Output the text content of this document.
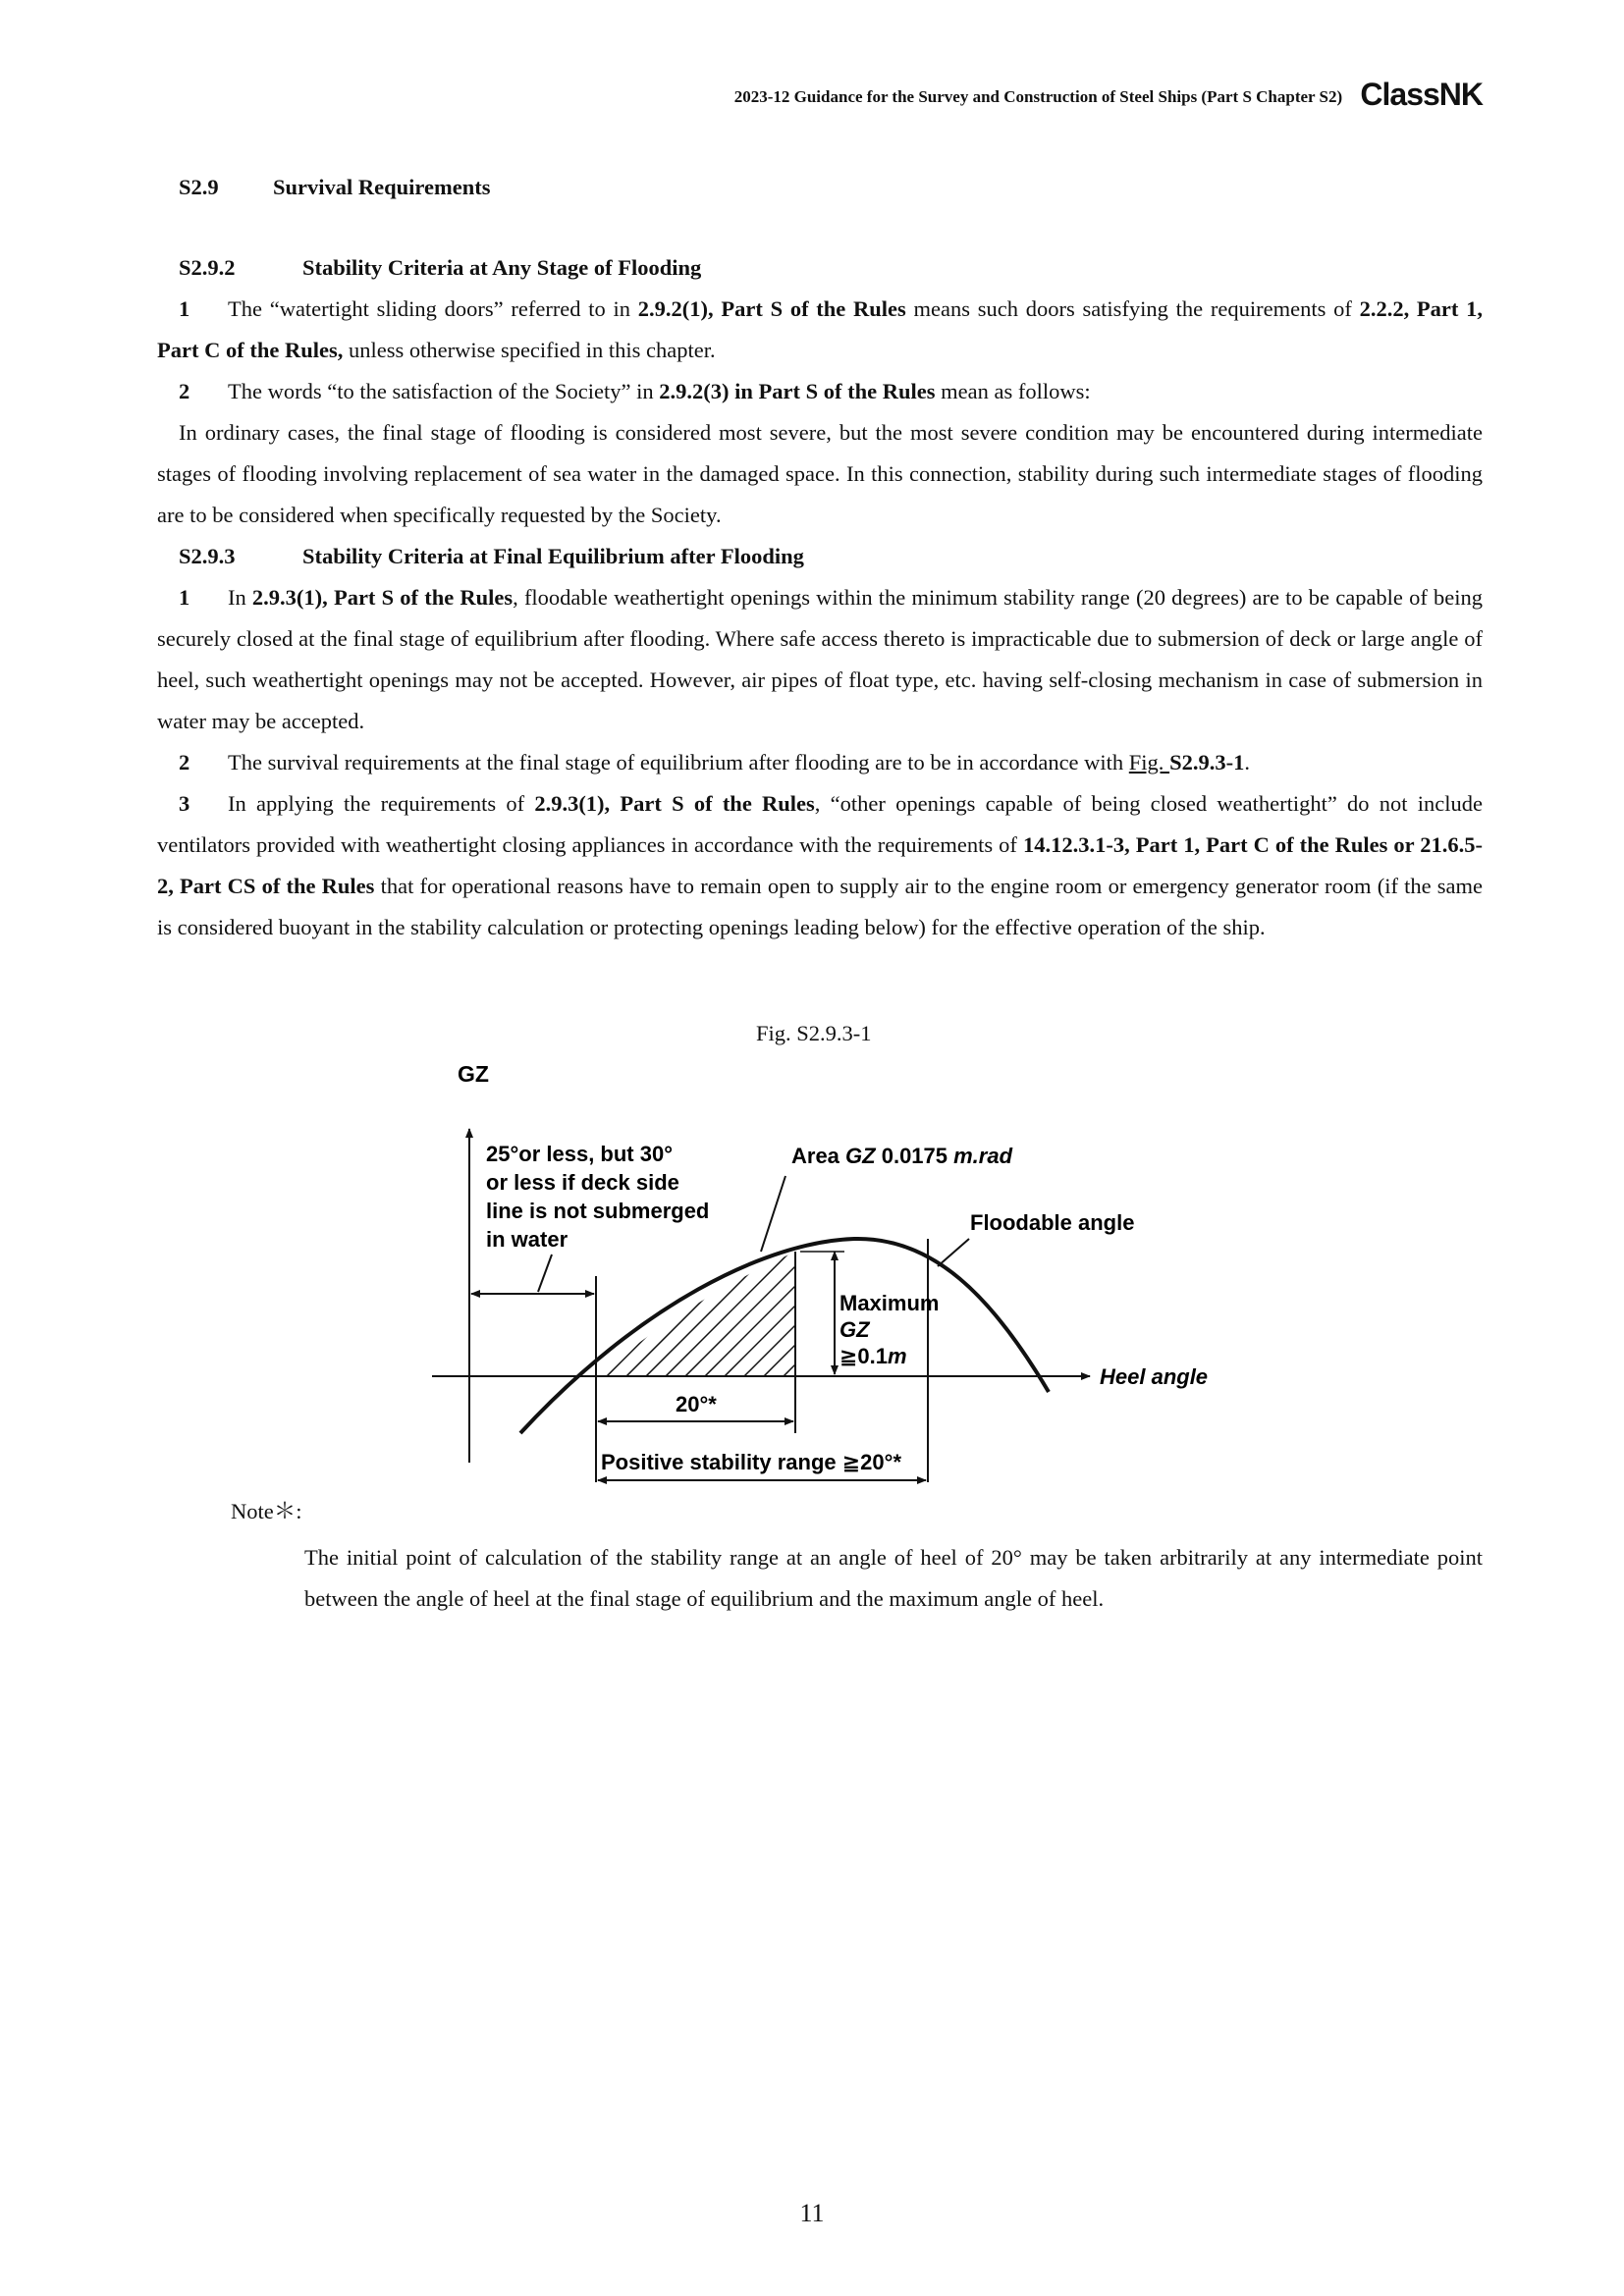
2023-12 Guidance for the Survey and Construction of Steel Ships (Part S Chapter S2) ClassNK
S2.9 Survival Requirements
S2.9.2	Stability Criteria at Any Stage of Flooding

1 The “watertight sliding doors” referred to in 2.9.2(1), Part S of the Rules means such doors satisfying the requirements of 2.2.2, Part 1, Part C of the Rules, unless otherwise specified in this chapter.

2 The words “to the satisfaction of the Society” in 2.9.2(3) in Part S of the Rules mean as follows:

In ordinary cases, the final stage of flooding is considered most severe, but the most severe condition may be encountered during intermediate stages of flooding involving replacement of sea water in the damaged space. In this connection, stability during such intermediate stages of flooding are to be considered when specifically requested by the Society.

S2.9.3	Stability Criteria at Final Equilibrium after Flooding

1 In 2.9.3(1), Part S of the Rules, floodable weathertight openings within the minimum stability range (20 degrees) are to be capable of being securely closed at the final stage of equilibrium after flooding. Where safe access thereto is impracticable due to submersion of deck or large angle of heel, such weathertight openings may not be accepted. However, air pipes of float type, etc. having self-closing mechanism in case of submersion in water may be accepted.

2 The survival requirements at the final stage of equilibrium after flooding are to be in accordance with Fig. S2.9.3-1.

3 In applying the requirements of 2.9.3(1), Part S of the Rules, “other openings capable of being closed weathertight” do not include ventilators provided with weathertight closing appliances in accordance with the requirements of 14.12.3.1-3, Part 1, Part C of the Rules or 21.6.5-2, Part CS of the Rules that for operational reasons have to remain open to supply air to the engine room or emergency generator room (if the same is considered buoyant in the stability calculation or protecting openings leading below) for the effective operation of the ship.

Fig. S2.9.3-1
GZ
25°or less, but 30°
or less if deck side
line is not submerged
in water
Area GZ 0.0175 m.rad
Floodable angle
Maximum
GZ
≧0.1m
Heel angle
20°*
Positive stability range ≧20°*
Note＊:
The initial point of calculation of the stability range at an angle of heel of 20° may be taken arbitrarily at any intermediate point between the angle of heel at the final stage of equilibrium and the maximum angle of heel.
11
